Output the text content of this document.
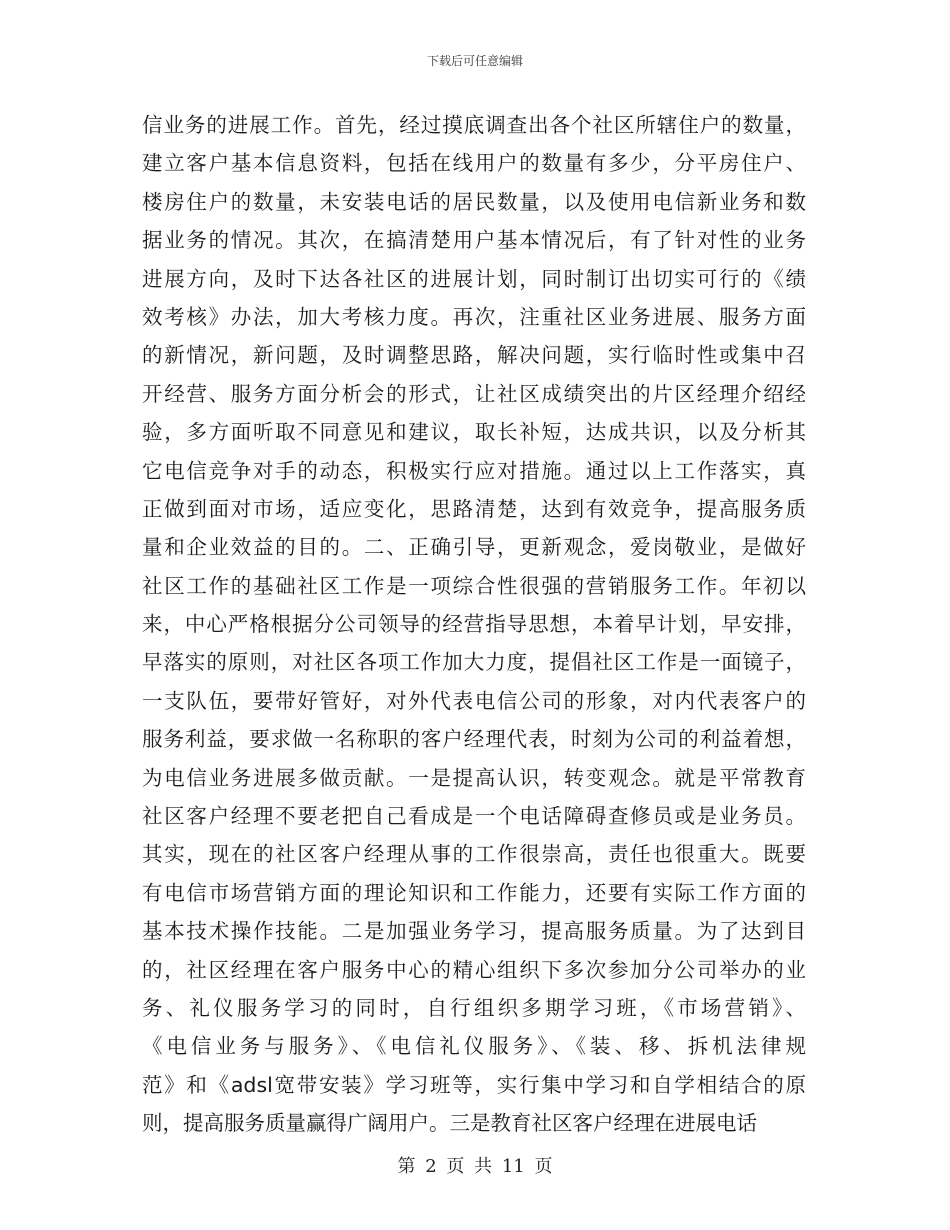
下载后可任意编辑
信业务的进展工作。首先，经过摸底调查出各个社区所辖住户的数量，
建立客户基本信息资料，包括在线用户的数量有多少，分平房住户、
楼房住户的数量，未安装电话的居民数量，以及使用电信新业务和数
据业务的情况。其次，在搞清楚用户基本情况后，有了针对性的业务
进展方向，及时下达各社区的进展计划，同时制订出切实可行的《绩
效考核》办法，加大考核力度。再次，注重社区业务进展、服务方面
的新情况，新问题，及时调整思路，解决问题，实行临时性或集中召
开经营、服务方面分析会的形式，让社区成绩突出的片区经理介绍经
验，多方面听取不同意见和建议，取长补短，达成共识，以及分析其
它电信竞争对手的动态，积极实行应对措施。通过以上工作落实，真
正做到面对市场，适应变化，思路清楚，达到有效竞争，提高服务质
量和企业效益的目的。二、正确引导，更新观念，爱岗敬业，是做好
社区工作的基础社区工作是一项综合性很强的营销服务工作。年初以
来，中心严格根据分公司领导的经营指导思想，本着早计划，早安排，
早落实的原则，对社区各项工作加大力度，提倡社区工作是一面镜子，
一支队伍，要带好管好，对外代表电信公司的形象，对内代表客户的
服务利益，要求做一名称职的客户经理代表，时刻为公司的利益着想，
为电信业务进展多做贡献。一是提高认识，转变观念。就是平常教育
社区客户经理不要老把自己看成是一个电话障碍查修员或是业务员。
其实，现在的社区客户经理从事的工作很崇高，责任也很重大。既要
有电信市场营销方面的理论知识和工作能力，还要有实际工作方面的
基本技术操作技能。二是加强业务学习，提高服务质量。为了达到目
的，社区经理在客户服务中心的精心组织下多次参加分公司举办的业
务、礼仪服务学习的同时，自行组织多期学习班，《市场营销》、
《电信业务与服务》、《电信礼仪服务》、《装、移、拆机法律规
范》和《adsl宽带安装》学习班等，实行集中学习和自学相结合的原
则，提高服务质量赢得广阔用户。三是教育社区客户经理在进展电话
第 2 页 共 11 页
